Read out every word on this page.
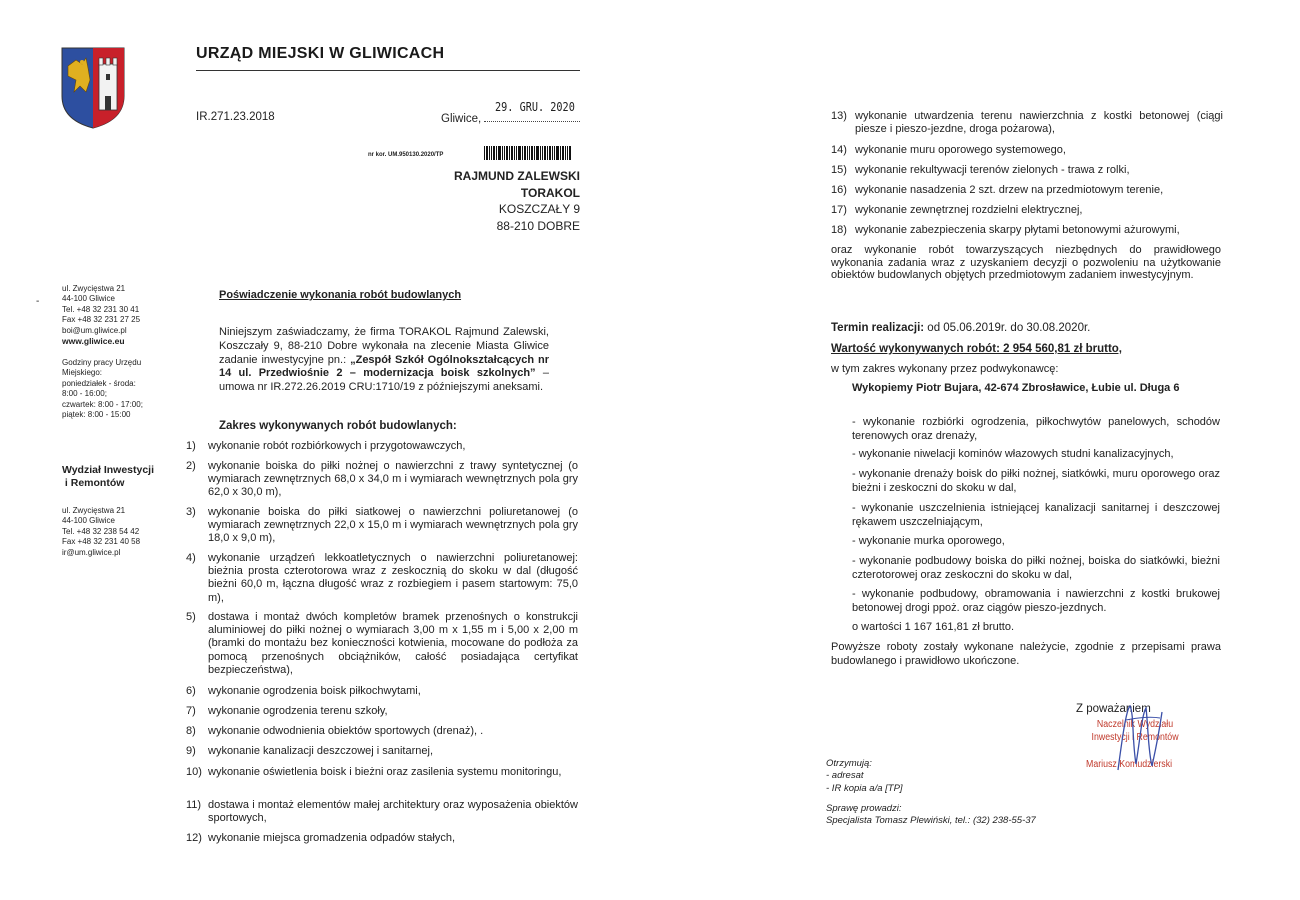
URZĄD MIEJSKI W GLIWICACH
IR.271.23.2018	Gliwice,
29. GRU. 2020
nr kor. UM.950130.2020/TP
RAJMUND ZALEWSKI
TORAKOL
KOSZCZAŁY 9
88-210 DOBRE
-
ul. Zwycięstwa 21
44-100 Gliwice
Tel. +48 32 231 30 41
Fax +48 32 231 27 25
boi@um.gliwice.pl
www.gliwice.eu
Godziny pracy Urzędu
Miejskiego:
poniedziałek - środa:
8:00 - 16:00;
czwartek: 8:00 - 17:00;
piątek: 8:00 - 15:00
Wydział Inwestycji
i Remontów
ul. Zwycięstwa 21
44-100 Gliwice
Tel. +48 32 238 54 42
Fax +48 32 231 40 58
ir@um.gliwice.pl
Poświadczenie wykonania robót budowlanych
Niniejszym zaświadczamy, że firma TORAKOL Rajmund Zalewski, Koszczały 9, 88-210 Dobre wykonała na zlecenie Miasta Gliwice zadanie inwestycyjne pn.: „Zespół Szkół Ogólnokształcących nr 14 ul. Przedwiośnie 2 – modernizacja boisk szkolnych” – umowa nr IR.272.26.2019 CRU:1710/19 z późniejszymi aneksami.
Zakres wykonywanych robót budowlanych:
1) wykonanie robót rozbiórkowych i przygotowawczych,
2) wykonanie boiska do piłki nożnej o nawierzchni z trawy syntetycznej (o wymiarach zewnętrznych 68,0 x 34,0 m i wymiarach wewnętrznych pola gry 62,0 x 30,0 m),
3) wykonanie boiska do piłki siatkowej o nawierzchni poliuretanowej (o wymiarach zewnętrznych 22,0 x 15,0 m i wymiarach wewnętrznych pola gry 18,0 x 9,0 m),
4) wykonanie urządzeń lekkoatletycznych o nawierzchni poliuretanowej: bieżnia prosta czterotorowa wraz z zeskocznią do skoku w dal (długość bieżni 60,0 m, łączna długość wraz z rozbiegiem i pasem startowym: 75,0 m),
5) dostawa i montaż dwóch kompletów bramek przenośnych o konstrukcji aluminiowej do piłki nożnej o wymiarach 3,00 m x 1,55 m i 5,00 x 2,00 m (bramki do montażu bez konieczności kotwienia, mocowane do podłoża za pomocą przenośnych obciążników, całość posiadająca certyfikat bezpieczeństwa),
6) wykonanie ogrodzenia boisk piłkochwytami,
7) wykonanie ogrodzenia terenu szkoły,
8) wykonanie odwodnienia obiektów sportowych (drenaż), .
9) wykonanie kanalizacji deszczowej i sanitarnej,
10) wykonanie oświetlenia boisk i bieżni oraz zasilenia systemu monitoringu,
11) dostawa i montaż elementów małej architektury oraz wyposażenia obiektów sportowych,
12) wykonanie miejsca gromadzenia odpadów stałych,
13) wykonanie utwardzenia terenu nawierzchnia z kostki betonowej (ciągi piesze i pieszo-jezdne, droga pożarowa),
14) wykonanie muru oporowego systemowego,
15) wykonanie rekultywacji terenów zielonych - trawa z rolki,
16) wykonanie nasadzenia 2 szt. drzew na przedmiotowym terenie,
17) wykonanie zewnętrznej rozdzielni elektrycznej,
18) wykonanie zabezpieczenia skarpy płytami betonowymi ażurowymi,
oraz wykonanie robót towarzyszących niezbędnych do prawidłowego wykonania zadania wraz z uzyskaniem decyzji o pozwoleniu na użytkowanie obiektów budowlanych objętych przedmiotowym zadaniem inwestycyjnym.
Termin realizacji: od 05.06.2019r. do 30.08.2020r.
Wartość wykonywanych robót: 2 954 560,81 zł brutto,
w tym zakres wykonany przez podwykonawcę:
Wykopiemy Piotr Bujara, 42-674 Zbrosławice, Łubie ul. Długa 6
- wykonanie rozbiórki ogrodzenia, piłkochwytów panelowych, schodów terenowych oraz drenaży,
- wykonanie niwelacji kominów włazowych studni kanalizacyjnych,
- wykonanie drenaży boisk do piłki nożnej, siatkówki, muru oporowego oraz bieżni i zeskoczni do skoku w dal,
- wykonanie uszczelnienia istniejącej kanalizacji sanitarnej i deszczowej rękawem uszczelniającym,
- wykonanie murka oporowego,
- wykonanie podbudowy boiska do piłki nożnej, boiska do siatkówki, bieżni czterotorowej oraz zeskoczni do skoku w dal,
- wykonanie podbudowy, obramowania i nawierzchni z kostki brukowej betonowej drogi ppoż. oraz ciągów pieszo-jezdnych.
o wartości 1 167 161,81 zł brutto.
Powyższe roboty zostały wykonane należycie, zgodnie z przepisami prawa budowlanego i prawidłowo ukończone.
Z poważaniem
Naczelnik Wydziału
Inwestycji i Remontów
Mariusz Komudzierski
Otrzymują:
- adresat
- IR kopia a/a [TP]
Sprawę prowadzi:
Specjalista Tomasz Plewiński, tel.: (32) 238-55-37
